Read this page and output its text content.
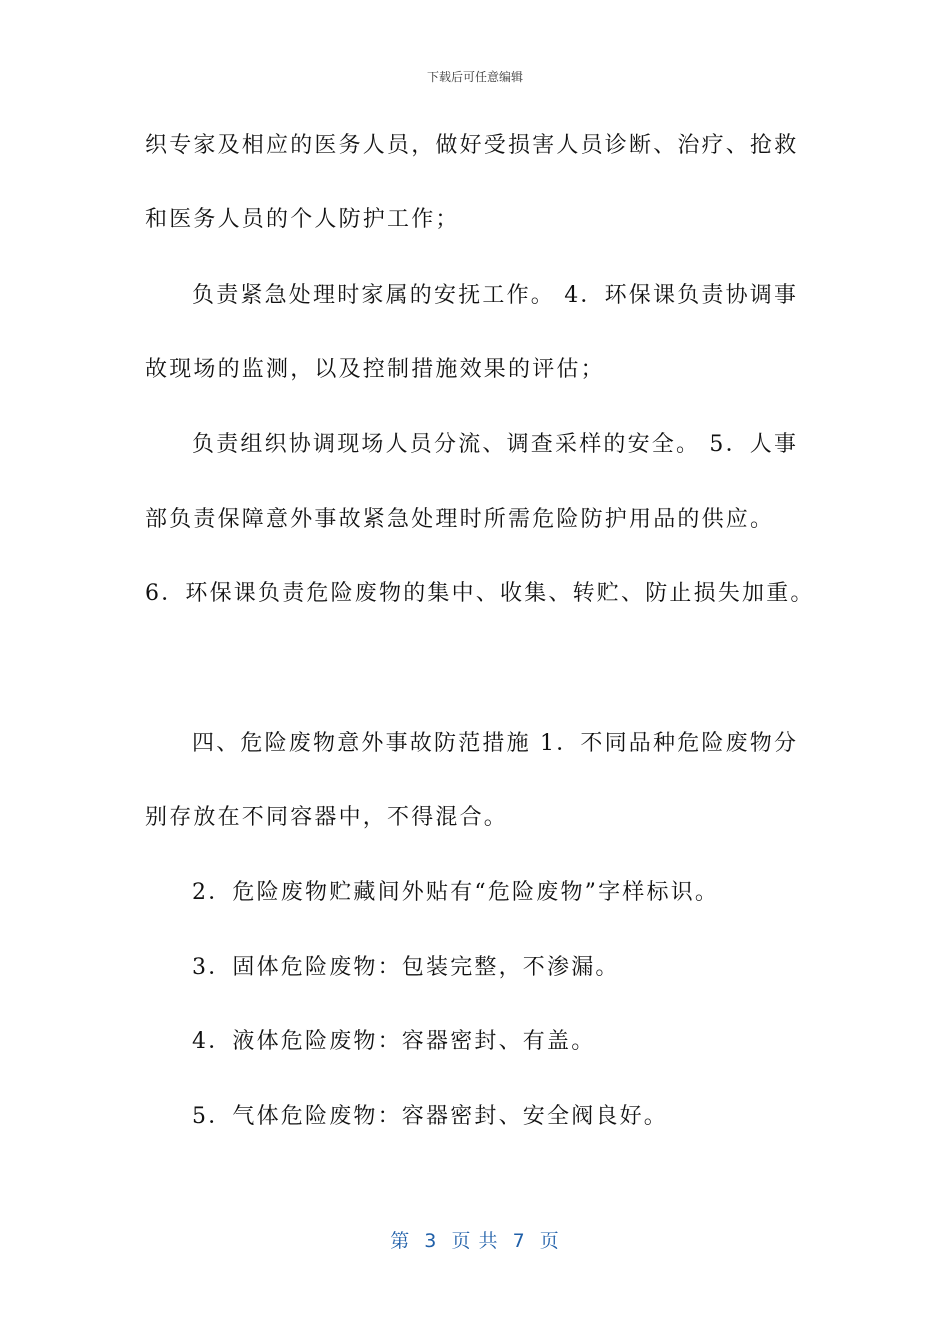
下载后可任意编辑
织专家及相应的医务人员，做好受损害人员诊断、治疗、抢救
和医务人员的个人防护工作；
负责紧急处理时家属的安抚工作。 4．环保课负责协调事
故现场的监测，以及控制措施效果的评估；
负责组织协调现场人员分流、调查采样的安全。 5．人事
部负责保障意外事故紧急处理时所需危险防护用品的供应。
6．环保课负责危险废物的集中、收集、转贮、防止损失加重。
四、危险废物意外事故防范措施 1．不同品种危险废物分
别存放在不同容器中，不得混合。
2．危险废物贮藏间外贴有“危险废物”字样标识。
3．固体危险废物：包装完整，不渗漏。
4．液体危险废物：容器密封、有盖。
5．气体危险废物：容器密封、安全阀良好。
第  3  页 共  7  页
